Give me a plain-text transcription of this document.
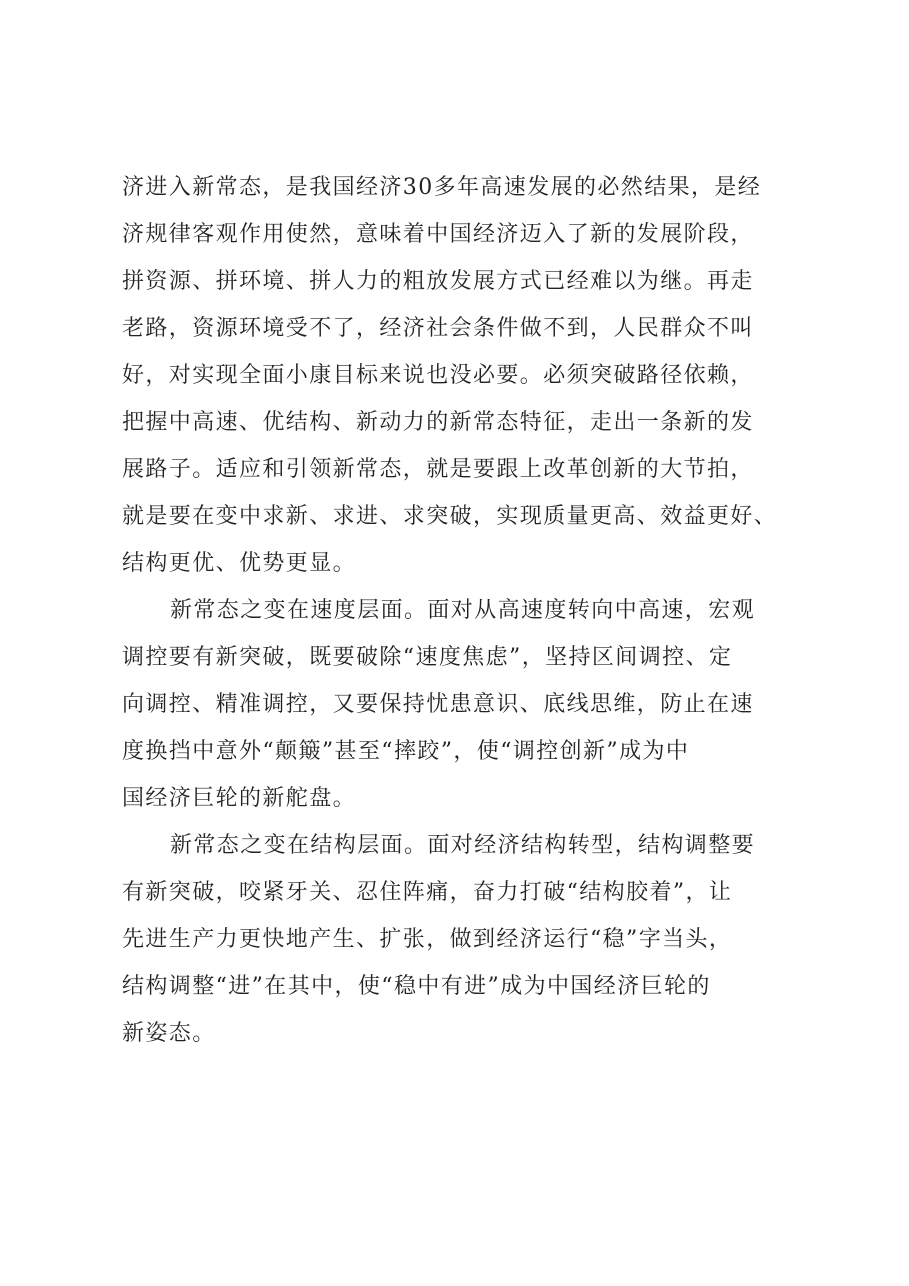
济进入新常态，是我国经济30多年高速发展的必然结果，是经
济规律客观作用使然，意味着中国经济迈入了新的发展阶段，
拼资源、拼环境、拼人力的粗放发展方式已经难以为继。再走
老路，资源环境受不了，经济社会条件做不到，人民群众不叫
好，对实现全面小康目标来说也没必要。必须突破路径依赖，
把握中高速、优结构、新动力的新常态特征，走出一条新的发
展路子。适应和引领新常态，就是要跟上改革创新的大节拍，
就是要在变中求新、求进、求突破，实现质量更高、效益更好、
结构更优、优势更显。
新常态之变在速度层面。面对从高速度转向中高速，宏观
调控要有新突破，既要破除“速度焦虑”，坚持区间调控、定
向调控、精准调控，又要保持忧患意识、底线思维，防止在速
度换挡中意外“颠簸”甚至“摔跤”，使“调控创新”成为中
国经济巨轮的新舵盘。
新常态之变在结构层面。面对经济结构转型，结构调整要
有新突破，咬紧牙关、忍住阵痛，奋力打破“结构胶着”，让
先进生产力更快地产生、扩张，做到经济运行“稳”字当头，
结构调整“进”在其中，使“稳中有进”成为中国经济巨轮的
新姿态。
